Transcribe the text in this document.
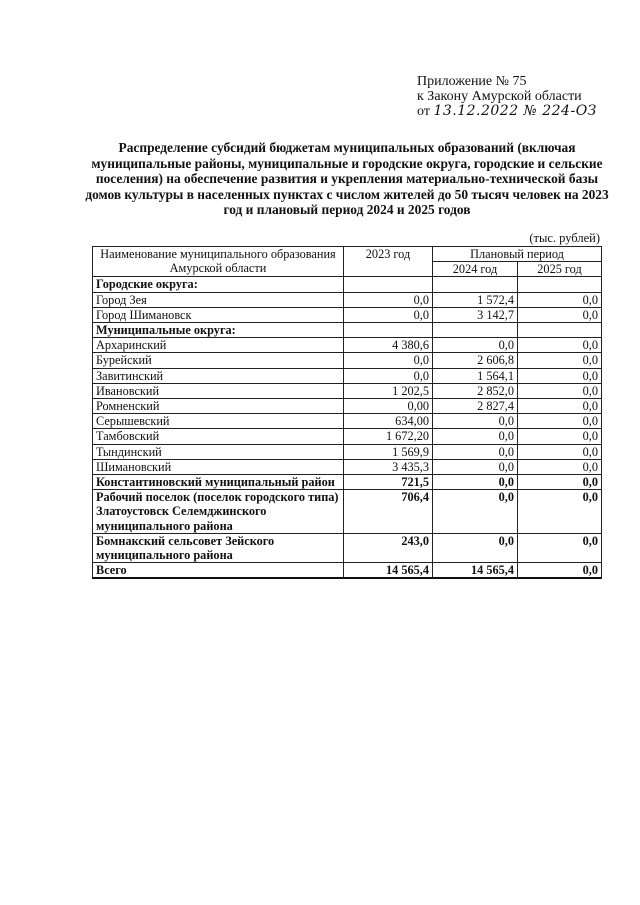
Приложение № 75
к Закону Амурской области
от 13.12.2022 № 224-ОЗ
Распределение субсидий бюджетам муниципальных образований (включая муниципальные районы, муниципальные и городские округа, городские и сельские поселения) на обеспечение развития и укрепления материально-технической базы домов культуры в населенных пунктах с числом жителей до 50 тысяч человек на 2023 год и плановый период 2024 и 2025 годов
(тыс. рублей)
Наименование муниципального образования Амурской области	2023 год	Плановый период	
		2024 год	2025 год
Городские округа:			
Город Зея	0,0	1 572,4	0,0
Город Шимановск	0,0	3 142,7	0,0
Муниципальные округа:			
Архаринский	4 380,6	0,0	0,0
Бурейский	0,0	2 606,8	0,0
Завитинский	0,0	1 564,1	0,0
Ивановский	1 202,5	2 852,0	0,0
Ромненский	0,00	2 827,4	0,0
Серышевский	634,00	0,0	0,0
Тамбовский	1 672,20	0,0	0,0
Тындинский	1 569,9	0,0	0,0
Шимановский	3 435,3	0,0	0,0
Константиновский муниципальный район	721,5	0,0	0,0
Рабочий поселок (поселок городского типа) Златоустовск Селемджинского муниципального района	706,4	0,0	0,0
Бомнакский сельсовет Зейского муниципального района	243,0	0,0	0,0
Всего	14 565,4	14 565,4	0,0
